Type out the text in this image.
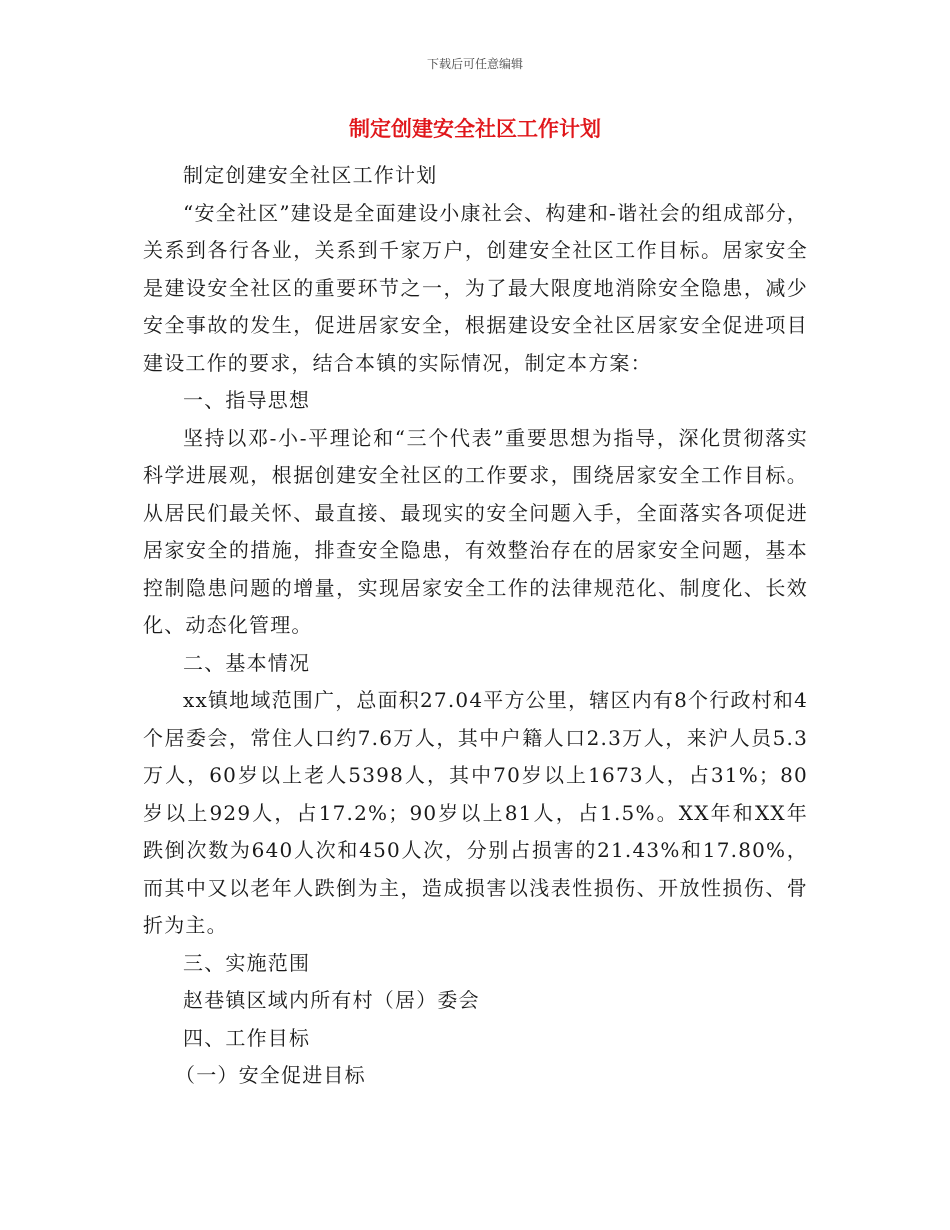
下载后可任意编辑
制定创建安全社区工作计划

制定创建安全社区工作计划

“安全社区”建设是全面建设小康社会、构建和-谐社会的组成部分，关系到各行各业，关系到千家万户，创建安全社区工作目标。居家安全是建设安全社区的重要环节之一，为了最大限度地消除安全隐患，减少安全事故的发生，促进居家安全，根据建设安全社区居家安全促进项目建设工作的要求，结合本镇的实际情况，制定本方案：

一、指导思想

坚持以邓-小-平理论和“三个代表”重要思想为指导，深化贯彻落实科学进展观，根据创建安全社区的工作要求，围绕居家安全工作目标。从居民们最关怀、最直接、最现实的安全问题入手，全面落实各项促进居家安全的措施，排查安全隐患，有效整治存在的居家安全问题，基本控制隐患问题的增量，实现居家安全工作的法律规范化、制度化、长效化、动态化管理。

二、基本情况

xx镇地域范围广，总面积27.04平方公里，辖区内有8个行政村和4个居委会，常住人口约7.6万人，其中户籍人口2.3万人，来沪人员5.3万人，60岁以上老人5398人，其中70岁以上1673人，占31%；80岁以上929人，占17.2%；90岁以上81人，占1.5%。XX年和XX年跌倒次数为640人次和450人次，分别占损害的21.43%和17.80%，而其中又以老年人跌倒为主，造成损害以浅表性损伤、开放性损伤、骨折为主。

三、实施范围

赵巷镇区域内所有村（居）委会

四、工作目标

（一）安全促进目标
